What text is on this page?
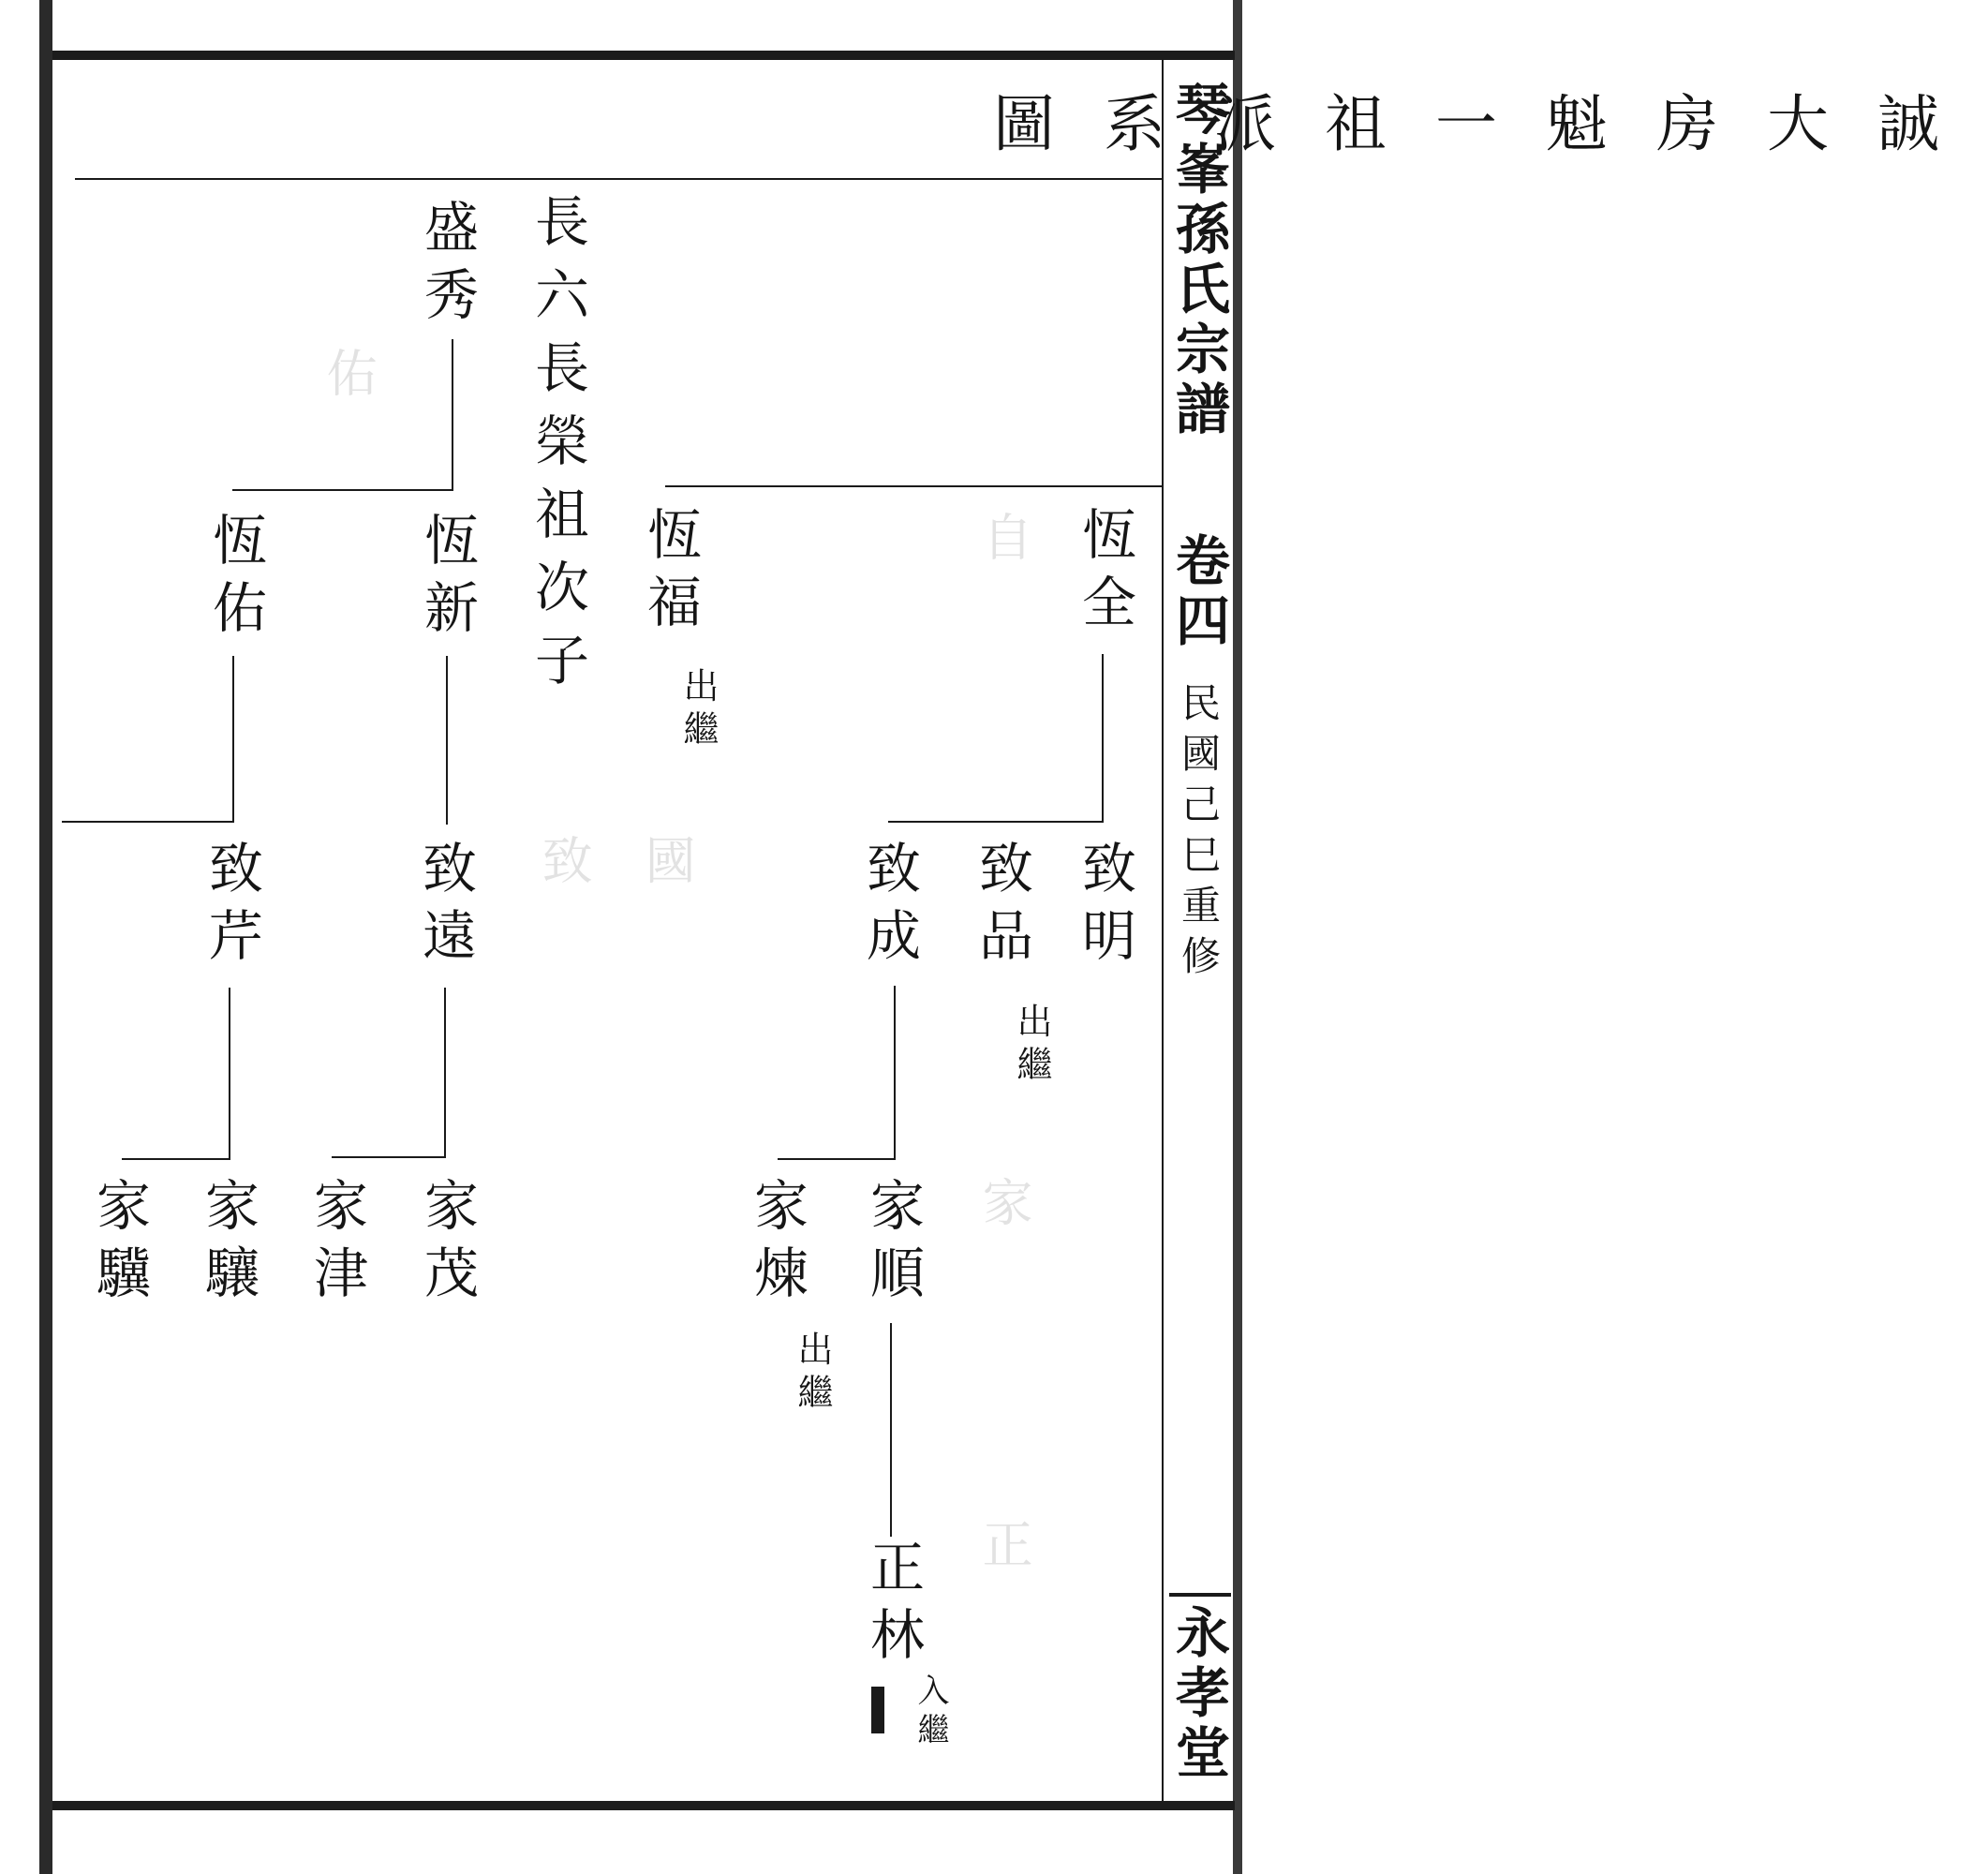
自
家
正
國
致
佑	琴峯孫氏宗譜
卷四
民國己巳重修
永孝堂
誠大房魁一祖派系圖
長六長榮祖次子
盛秀
恆全
恆福
出繼
恆新
恆佑
致明
致品
出繼
致成
致遠
致芹
家順
家煉
出繼
家茂
家津
家驤
家驥
正林
入繼
